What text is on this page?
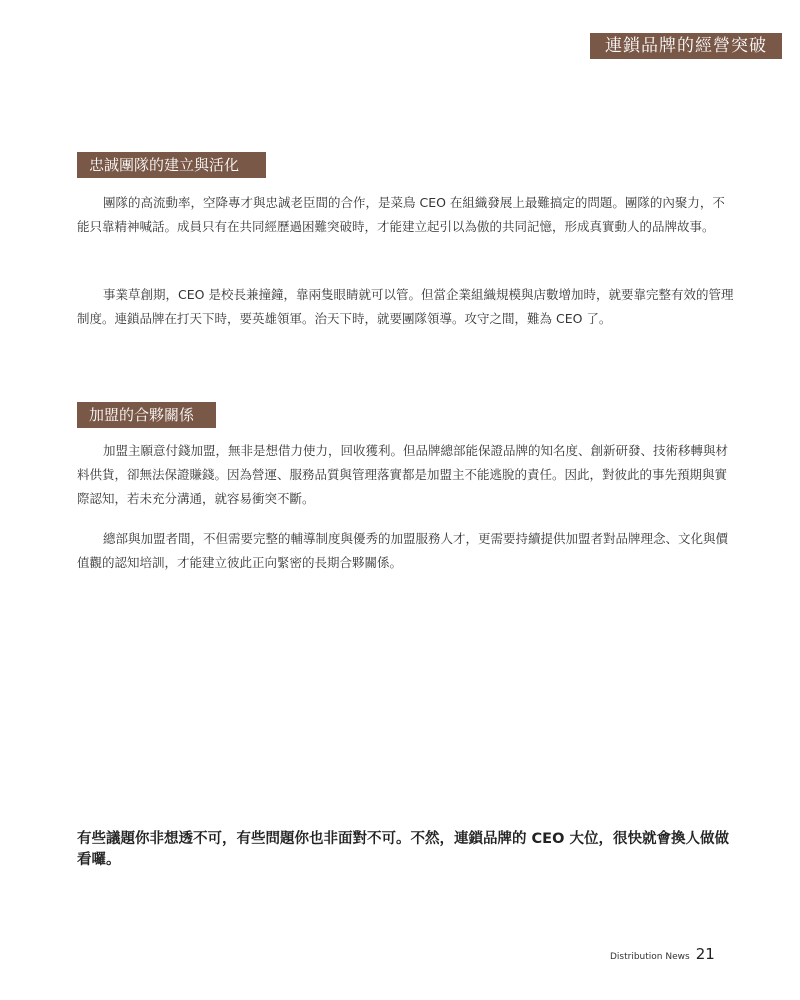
連鎖品牌的經營突破
忠誠團隊的建立與活化

團隊的高流動率，空降專才與忠誠老臣間的合作，是菜鳥 CEO 在組織發展上最難搞定的問題。團隊的內聚力，不能只靠精神喊話。成員只有在共同經歷過困難突破時，才能建立起引以為傲的共同記憶，形成真實動人的品牌故事。

事業草創期，CEO 是校長兼撞鐘，靠兩隻眼睛就可以管。但當企業組織規模與店數增加時，就要靠完整有效的管理制度。連鎖品牌在打天下時，要英雄領軍。治天下時，就要團隊領導。攻守之間，難為 CEO 了。

加盟的合夥關係

加盟主願意付錢加盟，無非是想借力使力，回收獲利。但品牌總部能保證品牌的知名度、創新研發、技術移轉與材料供貨，卻無法保證賺錢。因為營運、服務品質與管理落實都是加盟主不能逃脫的責任。因此，對彼此的事先預期與實際認知，若未充分溝通，就容易衝突不斷。

總部與加盟者間，不但需要完整的輔導制度與優秀的加盟服務人才，更需要持續提供加盟者對品牌理念、文化與價值觀的認知培訓，才能建立彼此正向緊密的長期合夥關係。

有些議題你非想透不可，有些問題你也非面對不可。不然，連鎖品牌的 CEO 大位，很快就會換人做做看囉。

Distribution News 21
